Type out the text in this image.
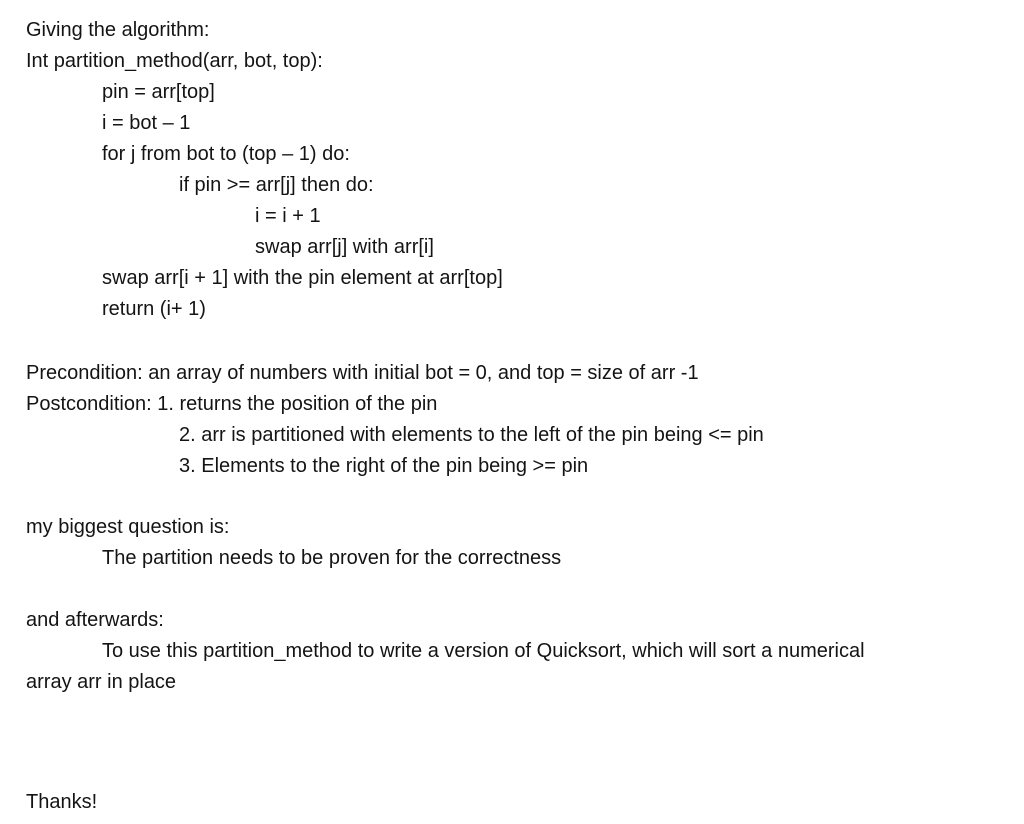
Giving the algorithm:

Int partition_method(arr, bot, top):

pin = arr[top]

i = bot – 1

for j from bot to (top – 1) do:

if pin >= arr[j] then do:

i = i + 1

swap arr[j] with arr[i]

swap arr[i + 1] with the pin element at arr[top]

return (i+ 1)

Precondition: an array of numbers with initial bot = 0, and top = size of arr -1

Postcondition: 1. returns the position of the pin

2. arr is partitioned with elements to the left of the pin being <= pin

3. Elements to the right of the pin being >= pin

my biggest question is:

The partition needs to be proven for the correctness

and afterwards:

To use this partition_method to write a version of Quicksort, which will sort a numerical

array arr in place

Thanks!
